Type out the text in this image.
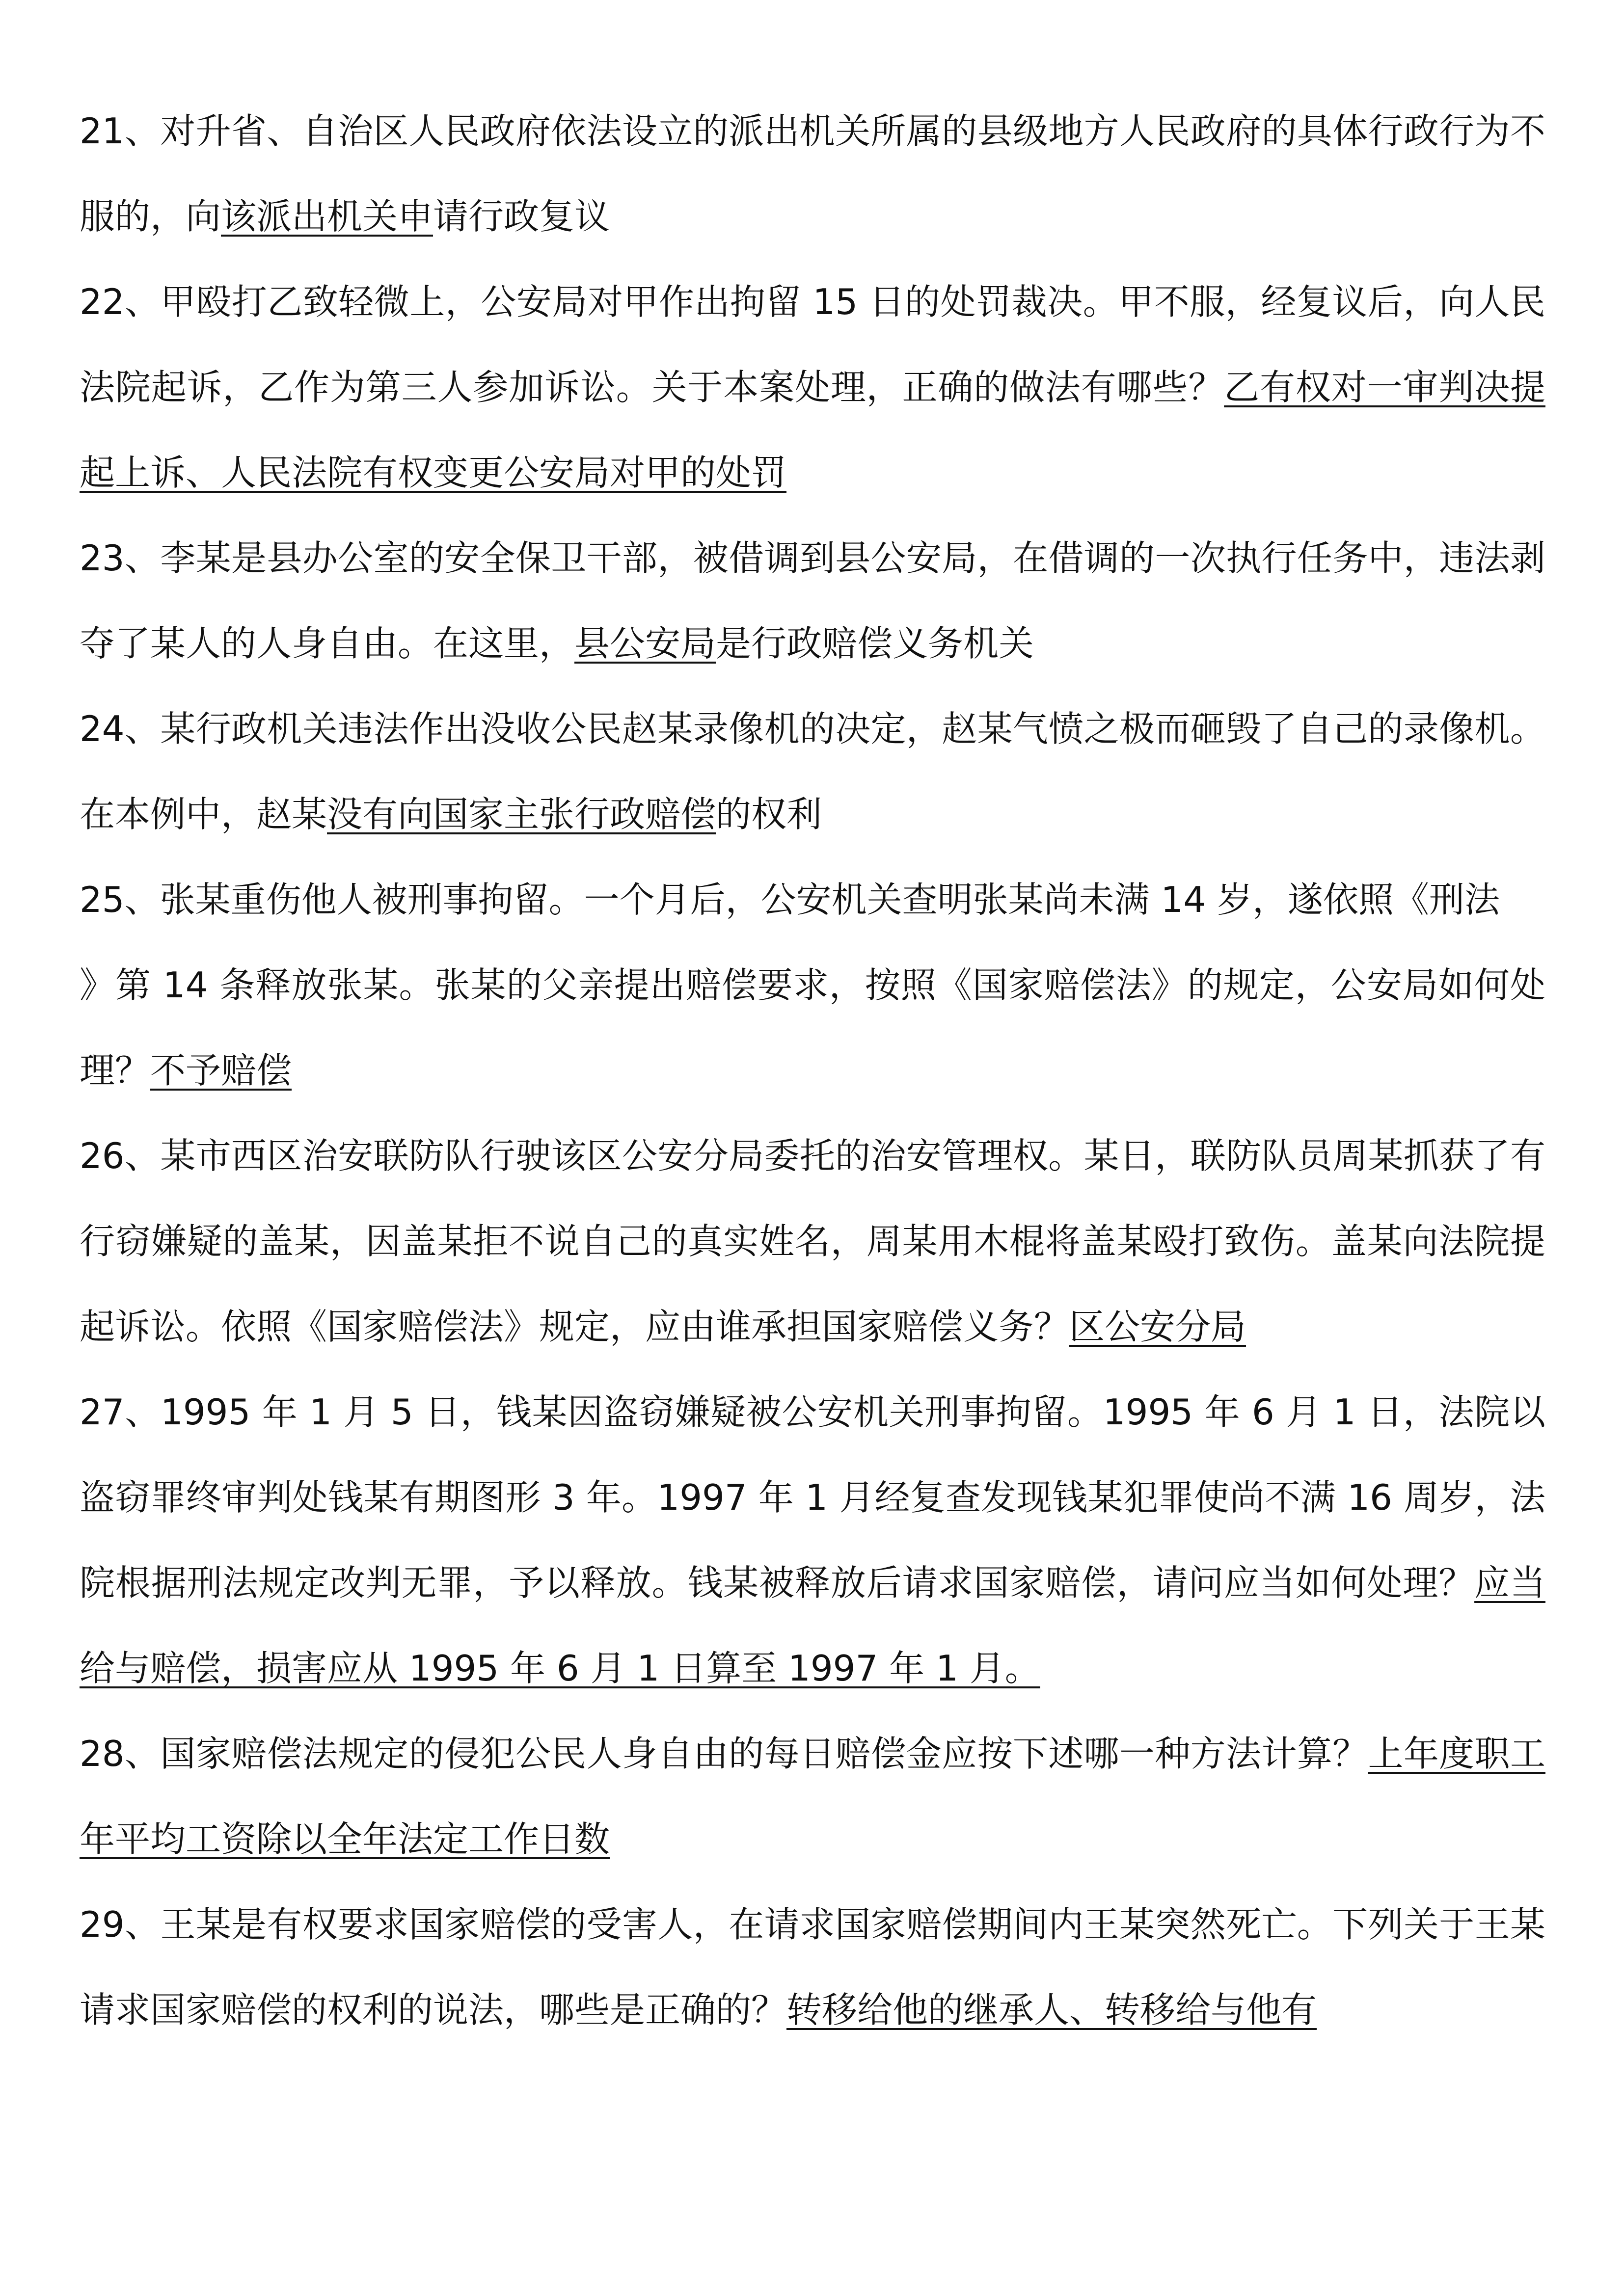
21、对升省、自治区人民政府依法设立的派出机关所属的县级地方人民政府的具体行政行为不服的，向该派出机关申请行政复议

22、甲殴打乙致轻微上，公安局对甲作出拘留 15 日的处罚裁决。甲不服，经复议后，向人民法院起诉，乙作为第三人参加诉讼。关于本案处理，正确的做法有哪些？乙有权对一审判决提起上诉、人民法院有权变更公安局对甲的处罚

23、李某是县办公室的安全保卫干部，被借调到县公安局，在借调的一次执行任务中，违法剥夺了某人的人身自由。在这里，县公安局是行政赔偿义务机关

24、某行政机关违法作出没收公民赵某录像机的决定，赵某气愤之极而砸毁了自己的录像机。在本例中，赵某没有向国家主张行政赔偿的权利

25、张某重伤他人被刑事拘留。一个月后，公安机关查明张某尚未满 14 岁，遂依照《刑法

》第 14 条释放张某。张某的父亲提出赔偿要求，按照《国家赔偿法》的规定，公安局如何处理？不予赔偿

26、某市西区治安联防队行驶该区公安分局委托的治安管理权。某日，联防队员周某抓获了有行窃嫌疑的盖某，因盖某拒不说自己的真实姓名，周某用木棍将盖某殴打致伤。盖某向法院提起诉讼。依照《国家赔偿法》规定，应由谁承担国家赔偿义务？区公安分局

27、1995 年 1 月 5 日，钱某因盗窃嫌疑被公安机关刑事拘留。1995 年 6 月 1 日，法院以盗窃罪终审判处钱某有期图形 3 年。1997 年 1 月经复查发现钱某犯罪使尚不满 16 周岁，法院根据刑法规定改判无罪，予以释放。钱某被释放后请求国家赔偿，请问应当如何处理？应当给与赔偿，损害应从 1995 年 6 月 1 日算至 1997 年 1 月。

28、国家赔偿法规定的侵犯公民人身自由的每日赔偿金应按下述哪一种方法计算？上年度职工年平均工资除以全年法定工作日数

29、王某是有权要求国家赔偿的受害人，在请求国家赔偿期间内王某突然死亡。下列关于王某请求国家赔偿的权利的说法，哪些是正确的？转移给他的继承人、转移给与他有
